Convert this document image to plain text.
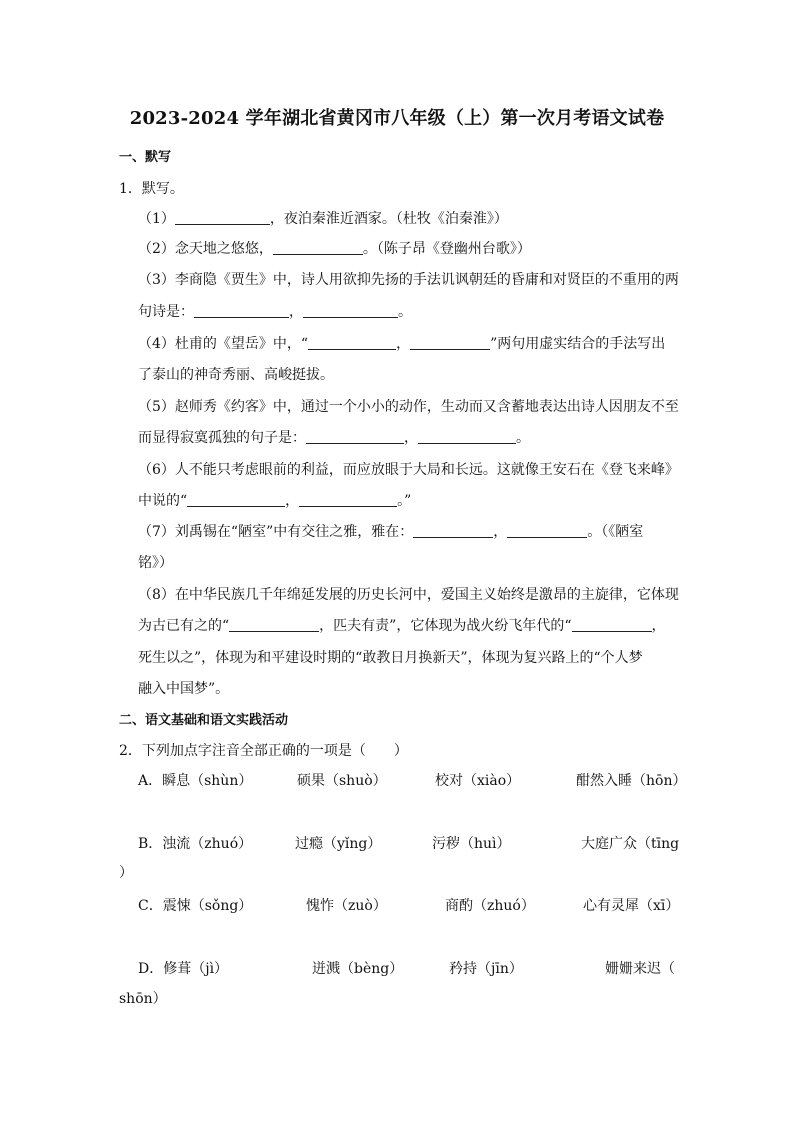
2023-2024 学年湖北省黄冈市八年级（上）第一次月考语文试卷
一、默写
1．默写。
（1）	，夜泊秦淮近酒家。（杜牧《泊秦淮》）
（2）念天地之悠悠，	。（陈子昂《登幽州台歌》）
（3）李商隐《贾生》中，诗人用欲抑先扬的手法讥讽朝廷的昏庸和对贤臣的不重用的两
句诗是：	，	。
（4）杜甫的《望岳》中，“	，	”两句用虚实结合的手法写出
了泰山的神奇秀丽、高峻挺拔。
（5）赵师秀《约客》中，通过一个小小的动作，生动而又含蓄地表达出诗人因朋友不至
而显得寂寞孤独的句子是：	，	。
（6）人不能只考虑眼前的利益，而应放眼于大局和长远。这就像王安石在《登飞来峰》
中说的“	，	。”
（7）刘禹锡在“陋室”中有交往之雅，雅在：	，	。（《陋室
铭》）
（8）在中华民族几千年绵延发展的历史长河中，爱国主义始终是激昂的主旋律，它体现
为古已有之的“	，匹夫有责”，它体现为战火纷飞年代的“	，
死生以之”，体现为和平建设时期的“敢教日月换新天”，体现为复兴路上的“个人梦
融入中国梦”。
二、语文基础和语文实践活动
2．下列加点字注音全部正确的一项是（　　）
A．瞬息（shùn）	硕果（shuò）	校对（xiào）	酣然入睡（hōn）
B．浊流（zhuó）	过瘾（yǐng）	污秽（huì）	大庭广众（tīng
）
C．震悚（sǒng）	愧怍（zuò）	商酌（zhuó）	心有灵犀（xī）
D．修葺（jì）	迸溅（bèng）	矜持（jīn）	姗姗来迟（
shōn）
